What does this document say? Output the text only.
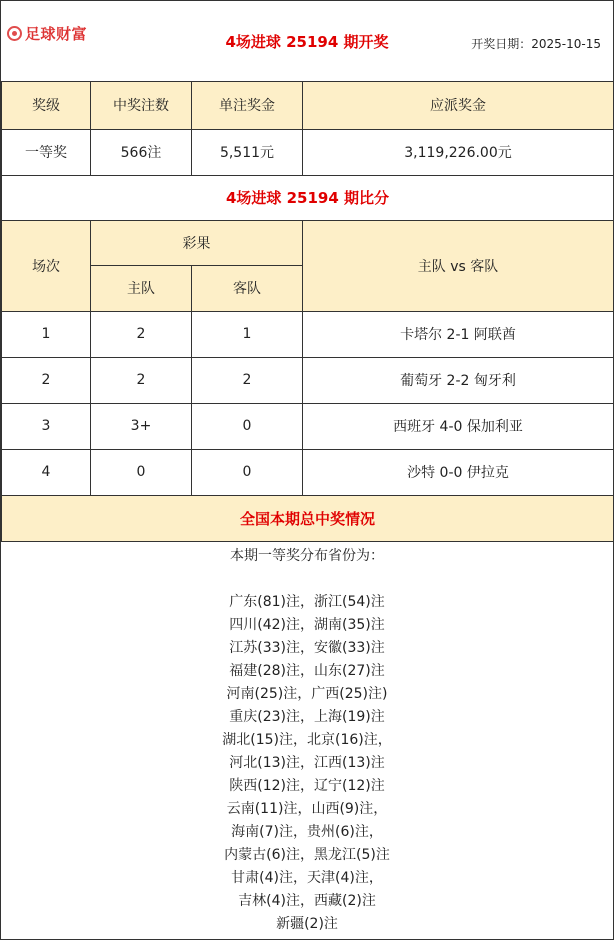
足球财富	4场进球 25194 期开奖	开奖日期：2025-10-15
奖级	中奖注数	单注奖金	应派奖金
一等奖	566注	5,511元	3,119,226.00元
4场进球 25194 期比分			
场次	彩果		主队 vs 客队
	主队	客队	
1	2	1	卡塔尔 2-1 阿联酋
2	2	2	葡萄牙 2-2 匈牙利
3	3+	0	西班牙 4-0 保加利亚
4	0	0	沙特 0-0 伊拉克
全国本期总中奖情况			
本期一等奖分布省份为：
广东(81)注，浙江(54)注
四川(42)注，湖南(35)注
江苏(33)注，安徽(33)注
福建(28)注，山东(27)注
河南(25)注，广西(25)注)
重庆(23)注，上海(19)注
湖北(15)注，北京(16)注，
河北(13)注，江西(13)注
陕西(12)注，辽宁(12)注
云南(11)注，山西(9)注，
海南(7)注，贵州(6)注，
内蒙古(6)注，黑龙江(5)注
甘肃(4)注，天津(4)注，
吉林(4)注，西藏(2)注
新疆(2)注
